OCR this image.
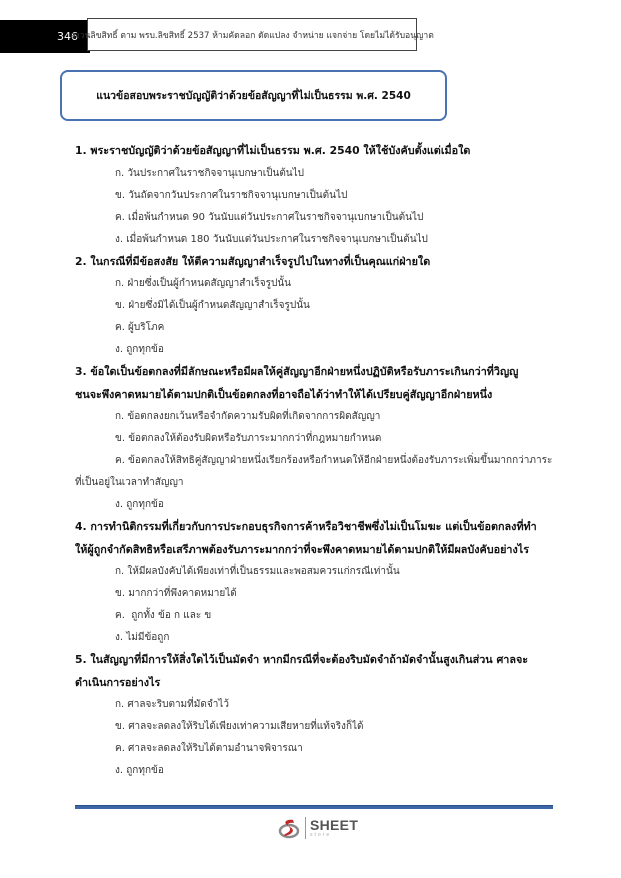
346
สงวนลิขสิทธิ์ ตาม พรบ.ลิขสิทธิ์ 2537 ห้ามคัดลอก ดัดแปลง จำหน่าย แจกจ่าย โดยไม่ได้รับอนุญาต
แนวข้อสอบพระราชบัญญัติว่าด้วยข้อสัญญาที่ไม่เป็นธรรม พ.ศ. 2540
1. พระราชบัญญัติว่าด้วยข้อสัญญาที่ไม่เป็นธรรม พ.ศ. 2540 ให้ใช้บังคับตั้งแต่เมื่อใด
ก. วันประกาศในราชกิจจานุเบกษาเป็นต้นไป
ข. วันถัดจากวันประกาศในราชกิจจานุเบกษาเป็นต้นไป
ค. เมื่อพ้นกำหนด 90 วันนับแต่วันประกาศในราชกิจจานุเบกษาเป็นต้นไป
ง. เมื่อพ้นกำหนด 180 วันนับแต่วันประกาศในราชกิจจานุเบกษาเป็นต้นไป
2. ในกรณีที่มีข้อสงสัย ให้ตีความสัญญาสำเร็จรูปไปในทางที่เป็นคุณแก่ฝ่ายใด
ก. ฝ่ายซึ่งเป็นผู้กำหนดสัญญาสำเร็จรูปนั้น
ข. ฝ่ายซึ่งมิได้เป็นผู้กำหนดสัญญาสำเร็จรูปนั้น
ค. ผู้บริโภค
ง. ถูกทุกข้อ
3. ข้อใดเป็นข้อตกลงที่มีลักษณะหรือมีผลให้คู่สัญญาอีกฝ่ายหนึ่งปฏิบัติหรือรับภาระเกินกว่าที่วิญญู
ชนจะพึงคาดหมายได้ตามปกติเป็นข้อตกลงที่อาจถือได้ว่าทำให้ได้เปรียบคู่สัญญาอีกฝ่ายหนึ่ง
ก. ข้อตกลงยกเว้นหรือจำกัดความรับผิดที่เกิดจากการผิดสัญญา
ข. ข้อตกลงให้ต้องรับผิดหรือรับภาระมากกว่าที่กฎหมายกำหนด
ค. ข้อตกลงให้สิทธิคู่สัญญาฝ่ายหนึ่งเรียกร้องหรือกำหนดให้อีกฝ่ายหนึ่งต้องรับภาระเพิ่มขึ้นมากกว่าภาระที่เป็นอยู่ในเวลาทำสัญญา
ง. ถูกทุกข้อ
4. การทำนิติกรรมที่เกี่ยวกับการประกอบธุรกิจการค้าหรือวิชาชีพซึ่งไม่เป็นโมฆะ แต่เป็นข้อตกลงที่ทำ
ให้ผู้ถูกจำกัดสิทธิหรือเสรีภาพต้องรับภาระมากกว่าที่จะพึงคาดหมายได้ตามปกติให้มีผลบังคับอย่างไร
ก. ให้มีผลบังคับได้เพียงเท่าที่เป็นธรรมและพอสมควรแก่กรณีเท่านั้น
ข. มากกว่าที่พึงคาดหมายได้
ค.  ถูกทั้ง ข้อ ก และ ข
ง. ไม่มีข้อถูก
5. ในสัญญาที่มีการให้สิ่งใดไว้เป็นมัดจำ หากมีกรณีที่จะต้องริบมัดจำถ้ามัดจำนั้นสูงเกินส่วน ศาลจะ
ดำเนินการอย่างไร
ก. ศาลจะริบตามที่มัดจำไว้
ข. ศาลจะลดลงให้ริบได้เพียงเท่าความเสียหายที่แท้จริงก็ได้
ค. ศาลจะลดลงให้ริบได้ตามอำนาจพิจารณา
ง. ถูกทุกข้อ
SHEET
store
